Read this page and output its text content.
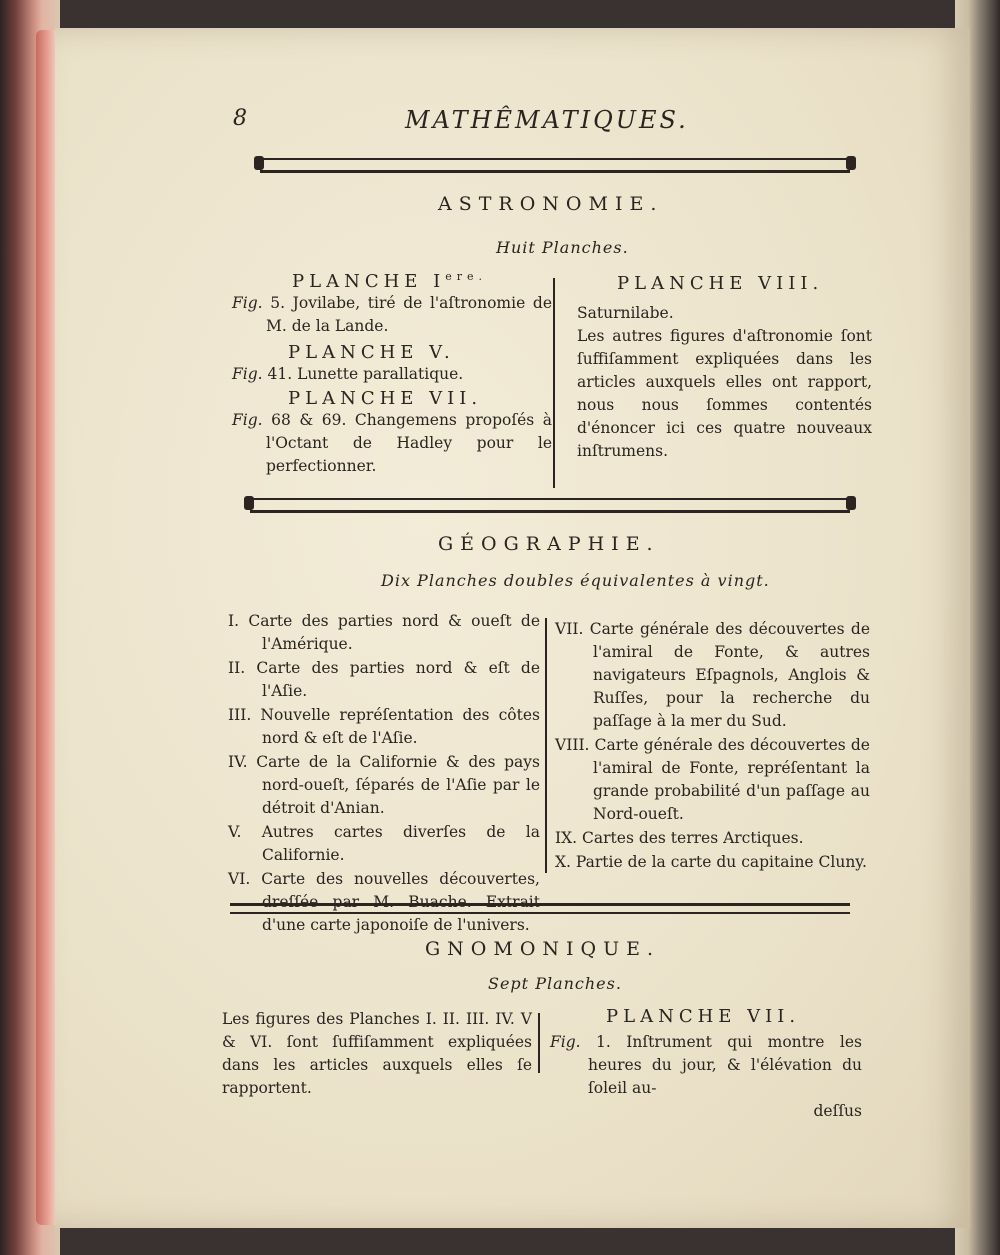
8	MATHÊMATIQUES.
ASTRONOMIE.
Huit Planches.
PLANCHE $I^{ere.}$
Fig. 5. Jovilabe, tiré de l'aſtronomie de M. de la Lande.
PLANCHE V.
Fig. 41. Lunette parallatique.
PLANCHE VII.
Fig. 68 & 69. Changemens propoſés à l'Octant de Hadley pour le perfectionner.
PLANCHE VIII.
Saturnilabe.
Les autres figures d'aſtronomie ſont ſuffiſamment expliquées dans les articles auxquels elles ont rapport, nous nous ſommes contentés d'énoncer ici ces quatre nouveaux inſtrumens.
GÉOGRAPHIE.
Dix Planches doubles équivalentes à vingt.
I. Carte des parties nord & oueſt de l'Amérique.
II. Carte des parties nord & eſt de l'Aſie.
III. Nouvelle repréſentation des côtes nord & eſt de l'Aſie.
IV. Carte de la Californie & des pays nord-oueſt, ſéparés de l'Aſie par le détroit d'Anian.
V. Autres cartes diverſes de la Californie.
VI. Carte des nouvelles découvertes, dreſſée par M. Buache. Extrait d'une carte japonoiſe de l'univers.
VII. Carte générale des découvertes de l'amiral de Fonte, & autres navigateurs Eſpagnols, Anglois & Ruſſes, pour la recherche du paſſage à la mer du Sud.
VIII. Carte générale des découvertes de l'amiral de Fonte, repréſentant la grande probabilité d'un paſſage au Nord-oueſt.
IX. Cartes des terres Arctiques.
X. Partie de la carte du capitaine Cluny.
GNOMONIQUE.
Sept Planches.
Les figures des Planches I. II. III. IV. V & VI. ſont ſuffiſamment expliquées dans les articles auxquels elles ſe rapportent.
PLANCHE VII.
Fig. 1. Inſtrument qui montre les heures du jour, & l'élévation du ſoleil au-
deſſus
